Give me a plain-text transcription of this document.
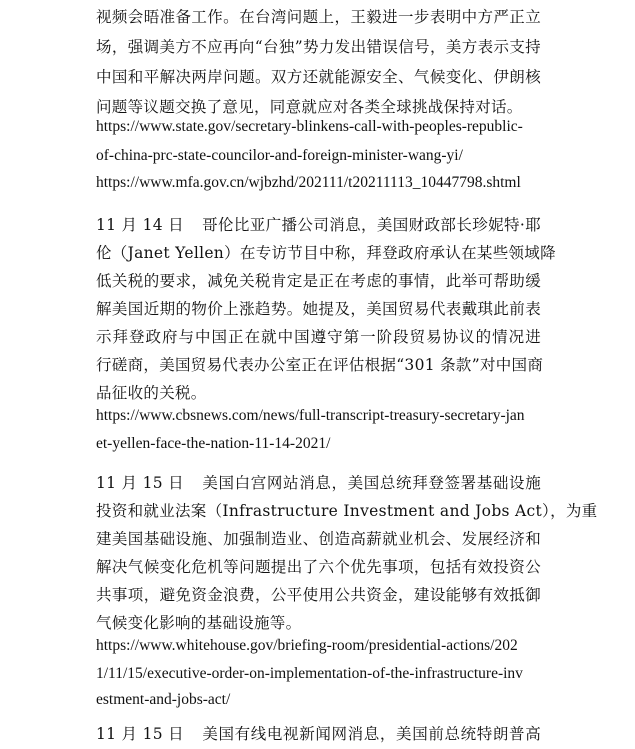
视频会晤准备工作。在台湾问题上，王毅进一步表明中方严正立
场，强调美方不应再向“台独”势力发出错误信号，美方表示支持
中国和平解决两岸问题。双方还就能源安全、气候变化、伊朗核
问题等议题交换了意见，同意就应对各类全球挑战保持对话。
https://www.state.gov/secretary-blinkens-call-with-peoples-republic-
of-china-prc-state-councilor-and-foreign-minister-wang-yi/
https://www.mfa.gov.cn/wjbzhd/202111/t20211113_10447798.shtml
11 月 14 日 哥伦比亚广播公司消息，美国财政部长珍妮特·耶
伦（Janet Yellen）在专访节目中称，拜登政府承认在某些领域降
低关税的要求，减免关税肯定是正在考虑的事情，此举可帮助缓
解美国近期的物价上涨趋势。她提及，美国贸易代表戴琪此前表
示拜登政府与中国正在就中国遵守第一阶段贸易协议的情况进
行磋商，美国贸易代表办公室正在评估根据“301 条款”对中国商
品征收的关税。
https://www.cbsnews.com/news/full-transcript-treasury-secretary-jan
et-yellen-face-the-nation-11-14-2021/
11 月 15 日 美国白宫网站消息，美国总统拜登签署基础设施
投资和就业法案（Infrastructure Investment and Jobs Act），为重
建美国基础设施、加强制造业、创造高薪就业机会、发展经济和
解决气候变化危机等问题提出了六个优先事项，包括有效投资公
共事项，避免资金浪费，公平使用公共资金，建设能够有效抵御
气候变化影响的基础设施等。
https://www.whitehouse.gov/briefing-room/presidential-actions/202
1/11/15/executive-order-on-implementation-of-the-infrastructure-inv
estment-and-jobs-act/
11 月 15 日 美国有线电视新闻网消息，美国前总统特朗普高
